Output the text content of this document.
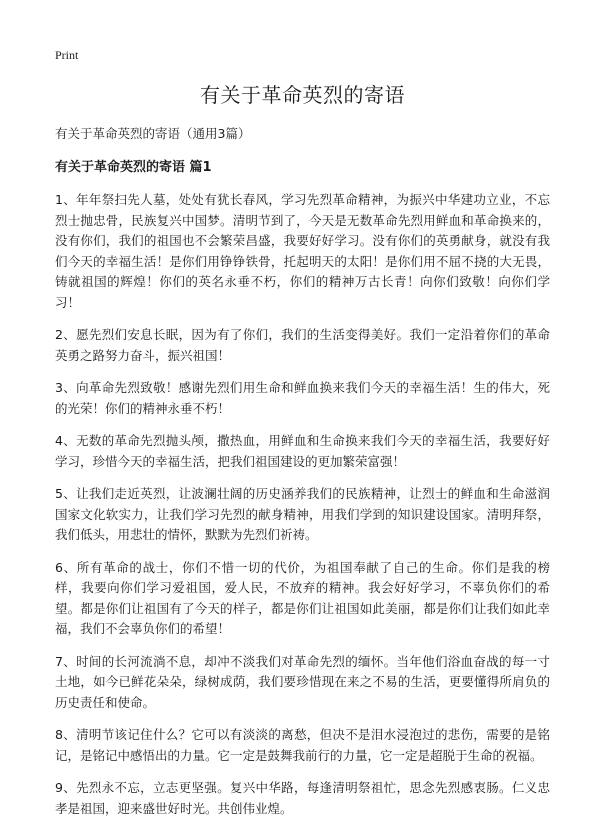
Print
有关于革命英烈的寄语

有关于革命英烈的寄语（通用3篇）

有关于革命英烈的寄语 篇1

1、年年祭扫先人墓，处处有犹长春风，学习先烈革命精神，为振兴中华建功立业，不忘烈士抛忠骨，民族复兴中国梦。清明节到了，今天是无数革命先烈用鲜血和革命换来的，没有你们，我们的祖国也不会繁荣昌盛，我要好好学习。没有你们的英勇献身，就没有我们今天的幸福生活！是你们用铮铮铁骨，托起明天的太阳！是你们用不屈不挠的大无畏，铸就祖国的辉煌！你们的英名永垂不朽，你们的精神万古长青！向你们致敬！向你们学习！

2、愿先烈们安息长眠，因为有了你们，我们的生活变得美好。我们一定沿着你们的革命英勇之路努力奋斗，振兴祖国！

3、向革命先烈致敬！感谢先烈们用生命和鲜血换来我们今天的幸福生活！生的伟大，死的光荣！你们的精神永垂不朽！

4、无数的革命先烈抛头颅，撒热血，用鲜血和生命换来我们今天的幸福生活，我要好好学习，珍惜今天的幸福生活，把我们祖国建设的更加繁荣富强！

5、让我们走近英烈，让波澜壮阔的历史涵养我们的民族精神，让烈士的鲜血和生命滋润国家文化软实力，让我们学习先烈的献身精神，用我们学到的知识建设国家。清明拜祭，我们低头，用悲壮的情怀，默默为先烈们祈祷。

6、所有革命的战士，你们不惜一切的代价，为祖国奉献了自己的生命。你们是我的榜样，我要向你们学习爱祖国，爱人民，不放弃的精神。我会好好学习，不辜负你们的希望。都是你们让祖国有了今天的样子，都是你们让祖国如此美丽，都是你们让我们如此幸福，我们不会辜负你们的希望！

7、时间的长河流淌不息，却冲不淡我们对革命先烈的缅怀。当年他们浴血奋战的每一寸土地，如今已鲜花朵朵，绿树成荫，我们要珍惜现在来之不易的生活，更要懂得所肩负的历史责任和使命。

8、清明节该记住什么？它可以有淡淡的离愁，但决不是泪水浸泡过的悲伤，需要的是铭记，是铭记中感悟出的力量。它一定是鼓舞我前行的力量，它一定是超脱于生命的祝福。

9、先烈永不忘，立志更坚强。复兴中华路，每逢清明祭祖忙，思念先烈感衷肠。仁义忠孝是祖国，迎来盛世好时光。共创伟业煌。
